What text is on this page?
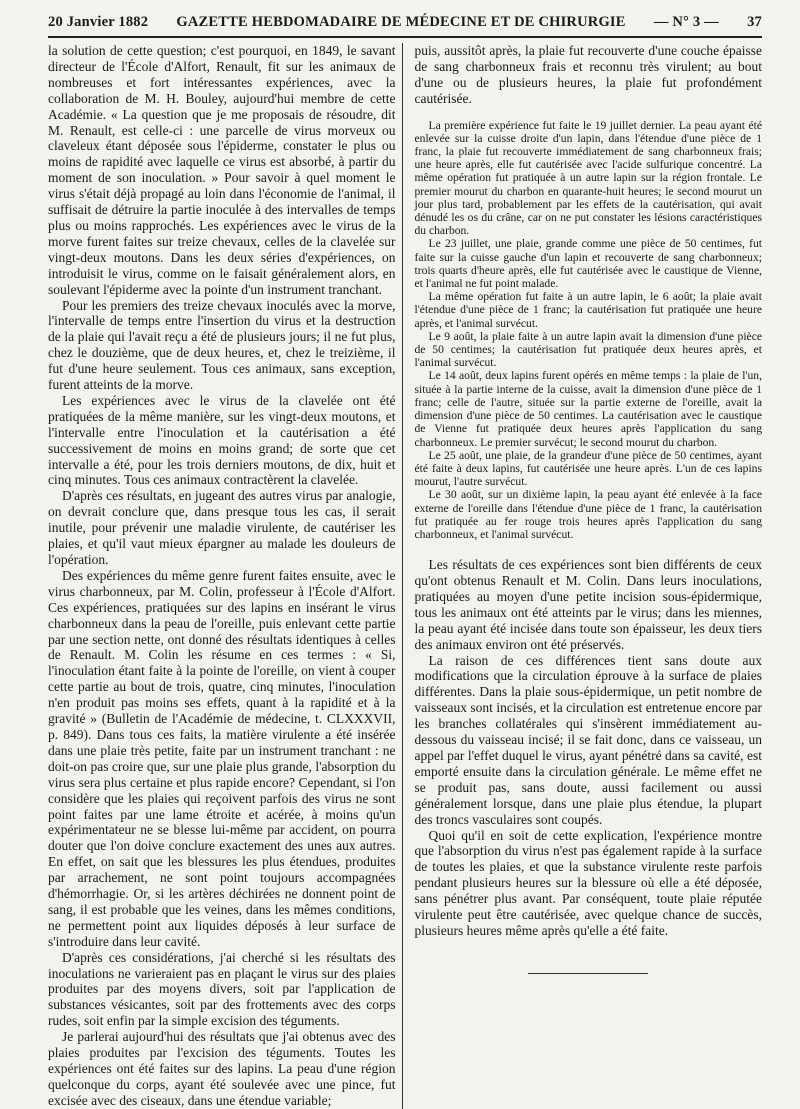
20 Janvier 1882 GAZETTE HEBDOMADAIRE DE MÉDECINE ET DE CHIRURGIE — N° 3 — 37

la solution de cette question; c'est pourquoi, en 1849, le savant directeur de l'École d'Alfort, Renault, fit sur les animaux de nombreuses et fort intéressantes expériences, avec la collaboration de M. H. Bouley, aujourd'hui membre de cette Académie. « La question que je me proposais de résoudre, dit M. Renault, est celle-ci : une parcelle de virus morveux ou claveleux étant déposée sous l'épiderme, constater le plus ou moins de rapidité avec laquelle ce virus est absorbé, à partir du moment de son inoculation. » Pour savoir à quel moment le virus s'était déjà propagé au loin dans l'économie de l'animal, il suffisait de détruire la partie inoculée à des intervalles de temps plus ou moins rapprochés. Les expériences avec le virus de la morve furent faites sur treize chevaux, celles de la clavelée sur vingt-deux moutons. Dans les deux séries d'expériences, on introduisit le virus, comme on le faisait généralement alors, en soulevant l'épiderme avec la pointe d'un instrument tranchant.

Pour les premiers des treize chevaux inoculés avec la morve, l'intervalle de temps entre l'insertion du virus et la destruction de la plaie qui l'avait reçu a été de plusieurs jours; il ne fut plus, chez le douzième, que de deux heures, et, chez le treizième, il fut d'une heure seulement. Tous ces animaux, sans exception, furent atteints de la morve.

Les expériences avec le virus de la clavelée ont été pratiquées de la même manière, sur les vingt-deux moutons, et l'intervalle entre l'inoculation et la cautérisation a été successivement de moins en moins grand; de sorte que cet intervalle a été, pour les trois derniers moutons, de dix, huit et cinq minutes. Tous ces animaux contractèrent la clavelée.

D'après ces résultats, en jugeant des autres virus par analogie, on devrait conclure que, dans presque tous les cas, il serait inutile, pour prévenir une maladie virulente, de cautériser les plaies, et qu'il vaut mieux épargner au malade les douleurs de l'opération.

Des expériences du même genre furent faites ensuite, avec le virus charbonneux, par M. Colin, professeur à l'École d'Alfort. Ces expériences, pratiquées sur des lapins en insérant le virus charbonneux dans la peau de l'oreille, puis enlevant cette partie par une section nette, ont donné des résultats identiques à celles de Renault. M. Colin les résume en ces termes : « Si, l'inoculation étant faite à la pointe de l'oreille, on vient à couper cette partie au bout de trois, quatre, cinq minutes, l'inoculation n'en produit pas moins ses effets, quant à la rapidité et à la gravité » (Bulletin de l'Académie de médecine, t. CLXXXVII, p. 849). Dans tous ces faits, la matière virulente a été insérée dans une plaie très petite, faite par un instrument tranchant : ne doit-on pas croire que, sur une plaie plus grande, l'absorption du virus sera plus certaine et plus rapide encore? Cependant, si l'on considère que les plaies qui reçoivent parfois des virus ne sont point faites par une lame étroite et acérée, à moins qu'un expérimentateur ne se blesse lui-même par accident, on pourra douter que l'on doive conclure exactement des unes aux autres. En effet, on sait que les blessures les plus étendues, produites par arrachement, ne sont point toujours accompagnées d'hémorrhagie. Or, si les artères déchirées ne donnent point de sang, il est probable que les veines, dans les mêmes conditions, ne permettent point aux liquides déposés à leur surface de s'introduire dans leur cavité.

D'après ces considérations, j'ai cherché si les résultats des inoculations ne varieraient pas en plaçant le virus sur des plaies produites par des moyens divers, soit par l'application de substances vésicantes, soit par des frottements avec des corps rudes, soit enfin par la simple excision des téguments.

Je parlerai aujourd'hui des résultats que j'ai obtenus avec des plaies produites par l'excision des téguments. Toutes les expériences ont été faites sur des lapins. La peau d'une région quelconque du corps, ayant été soulevée avec une pince, fut excisée avec des ciseaux, dans une étendue variable;

puis, aussitôt après, la plaie fut recouverte d'une couche épaisse de sang charbonneux frais et reconnu très virulent; au bout d'une ou de plusieurs heures, la plaie fut profondément cautérisée.

La première expérience fut faite le 19 juillet dernier. La peau ayant été enlevée sur la cuisse droite d'un lapin, dans l'étendue d'une pièce de 1 franc, la plaie fut recouverte immédiatement de sang charbonneux frais; une heure après, elle fut cautérisée avec l'acide sulfurique concentré. La même opération fut pratiquée à un autre lapin sur la région frontale. Le premier mourut du charbon en quarante-huit heures; le second mourut un jour plus tard, probablement par les effets de la cautérisation, qui avait dénudé les os du crâne, car on ne put constater les lésions caractéristiques du charbon.

Le 23 juillet, une plaie, grande comme une pièce de 50 centimes, fut faite sur la cuisse gauche d'un lapin et recouverte de sang charbonneux; trois quarts d'heure après, elle fut cautérisée avec le caustique de Vienne, et l'animal ne fut point malade.

La même opération fut faite à un autre lapin, le 6 août; la plaie avait l'étendue d'une pièce de 1 franc; la cautérisation fut pratiquée une heure après, et l'animal survécut.

Le 9 août, la plaie faite à un autre lapin avait la dimension d'une pièce de 50 centimes; la cautérisation fut pratiquée deux heures après, et l'animal survécut.

Le 14 août, deux lapins furent opérés en même temps : la plaie de l'un, située à la partie interne de la cuisse, avait la dimension d'une pièce de 1 franc; celle de l'autre, située sur la partie externe de l'oreille, avait la dimension d'une pièce de 50 centimes. La cautérisation avec le caustique de Vienne fut pratiquée deux heures après l'application du sang charbonneux. Le premier survécut; le second mourut du charbon.

Le 25 août, une plaie, de la grandeur d'une pièce de 50 centimes, ayant été faite à deux lapins, fut cautérisée une heure après. L'un de ces lapins mourut, l'autre survécut.

Le 30 août, sur un dixième lapin, la peau ayant été enlevée à la face externe de l'oreille dans l'étendue d'une pièce de 1 franc, la cautérisation fut pratiquée au fer rouge trois heures après l'application du sang charbonneux, et l'animal survécut.

Les résultats de ces expériences sont bien différents de ceux qu'ont obtenus Renault et M. Colin. Dans leurs inoculations, pratiquées au moyen d'une petite incision sous-épidermique, tous les animaux ont été atteints par le virus; dans les miennes, la peau ayant été incisée dans toute son épaisseur, les deux tiers des animaux environ ont été préservés.

La raison de ces différences tient sans doute aux modifications que la circulation éprouve à la surface de plaies différentes. Dans la plaie sous-épidermique, un petit nombre de vaisseaux sont incisés, et la circulation est entretenue encore par les branches collatérales qui s'insèrent immédiatement au-dessous du vaisseau incisé; il se fait donc, dans ce vaisseau, un appel par l'effet duquel le virus, ayant pénétré dans sa cavité, est emporté ensuite dans la circulation générale. Le même effet ne se produit pas, sans doute, aussi facilement ou aussi généralement lorsque, dans une plaie plus étendue, la plupart des troncs vasculaires sont coupés.

Quoi qu'il en soit de cette explication, l'expérience montre que l'absorption du virus n'est pas également rapide à la surface de toutes les plaies, et que la substance virulente reste parfois pendant plusieurs heures sur la blessure où elle a été déposée, sans pénétrer plus avant. Par conséquent, toute plaie réputée virulente peut être cautérisée, avec quelque chance de succès, plusieurs heures même après qu'elle a été faite.
